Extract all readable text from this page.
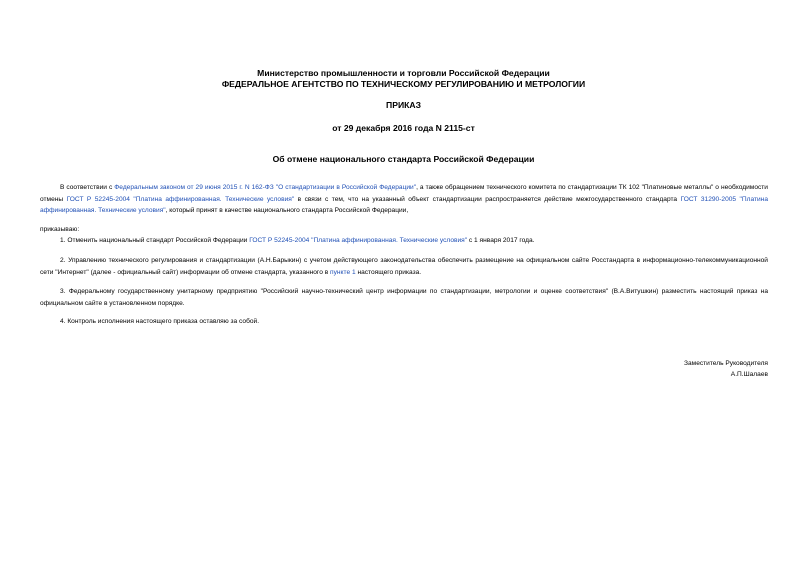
Министерство промышленности и торговли Российской Федерации
ФЕДЕРАЛЬНОЕ АГЕНТСТВО ПО ТЕХНИЧЕСКОМУ РЕГУЛИРОВАНИЮ И МЕТРОЛОГИИ
ПРИКАЗ
от 29 декабря 2016 года N 2115-ст
Об отмене национального стандарта Российской Федерации
В соответствии с Федеральным законом от 29 июня 2015 г. N 162-ФЗ "О стандартизации в Российской Федерации", а также обращением технического комитета по стандартизации ТК 102 "Платиновые металлы" о необходимости отмены ГОСТ Р 52245-2004 "Платина аффинированная. Технические условия" в связи с тем, что на указанный объект стандартизации распространяется действие межгосударственного стандарта ГОСТ 31290-2005 "Платина аффинированная. Технические условия", который принят в качестве национального стандарта Российской Федерации,
приказываю:
1. Отменить национальный стандарт Российской Федерации ГОСТ Р 52245-2004 "Платина аффинированная. Технические условия" с 1 января 2017 года.
2. Управлению технического регулирования и стандартизации (А.Н.Барыкин) с учетом действующего законодательства обеспечить размещение на официальном сайте Росстандарта в информационно-телекоммуникационной сети "Интернет" (далее - официальный сайт) информации об отмене стандарта, указанного в пункте 1 настоящего приказа.
3. Федеральному государственному унитарному предприятию "Российский научно-технический центр информации по стандартизации, метрологии и оценке соответствия" (В.А.Витушкин) разместить настоящий приказ на официальном сайте в установленном порядке.
4. Контроль исполнения настоящего приказа оставляю за собой.
Заместитель Руководителя
А.П.Шалаев
